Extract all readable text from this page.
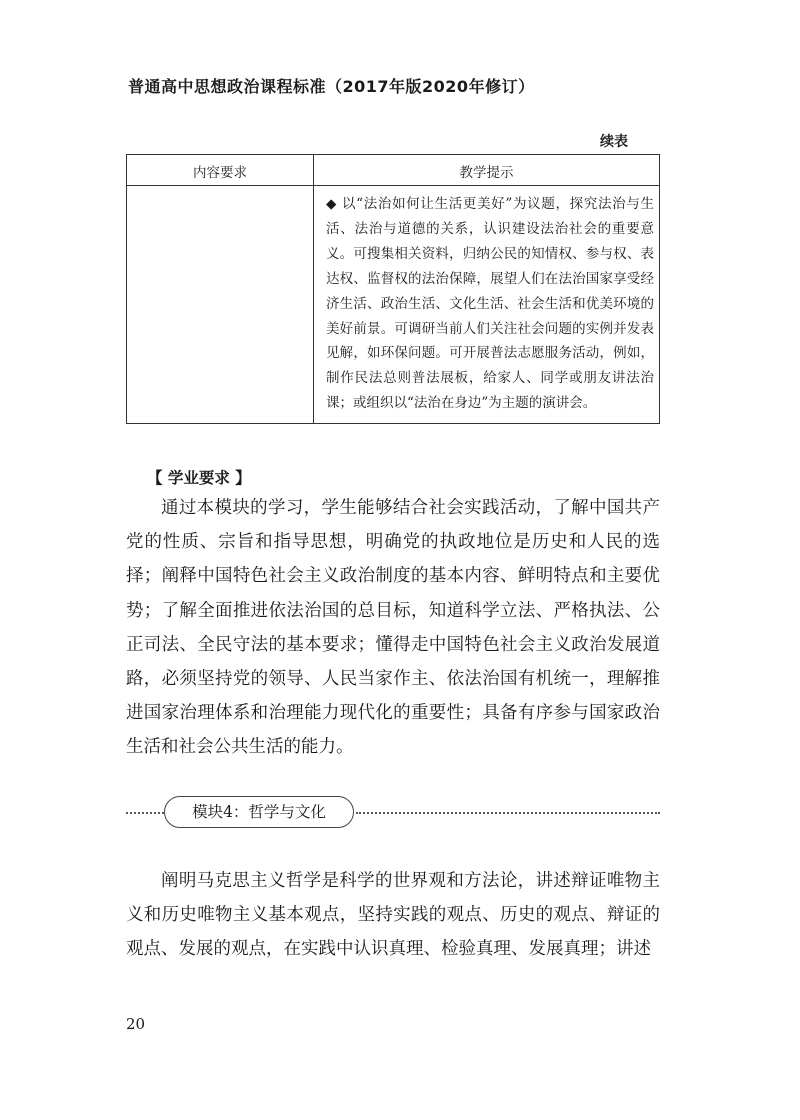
普通高中思想政治课程标准（2017年版2020年修订）
续表
内容要求	教学提示
◆ 以“法治如何让生活更美好”为议题，探究法治与生活、法治与道德的关系，认识建设法治社会的重要意义。可搜集相关资料，归纳公民的知情权、参与权、表达权、监督权的法治保障，展望人们在法治国家享受经济生活、政治生活、文化生活、社会生活和优美环境的美好前景。可调研当前人们关注社会问题的实例并发表见解，如环保问题。可开展普法志愿服务活动，例如，制作民法总则普法展板，给家人、同学或朋友讲法治课；或组织以“法治在身边”为主题的演讲会。
【 学业要求 】
通过本模块的学习，学生能够结合社会实践活动，了解中国共产党的性质、宗旨和指导思想，明确党的执政地位是历史和人民的选择；阐释中国特色社会主义政治制度的基本内容、鲜明特点和主要优势；了解全面推进依法治国的总目标，知道科学立法、严格执法、公正司法、全民守法的基本要求；懂得走中国特色社会主义政治发展道路，必须坚持党的领导、人民当家作主、依法治国有机统一，理解推进国家治理体系和治理能力现代化的重要性；具备有序参与国家政治生活和社会公共生活的能力。
模块4：哲学与文化
阐明马克思主义哲学是科学的世界观和方法论，讲述辩证唯物主义和历史唯物主义基本观点，坚持实践的观点、历史的观点、辩证的观点、发展的观点，在实践中认识真理、检验真理、发展真理；讲述
20
